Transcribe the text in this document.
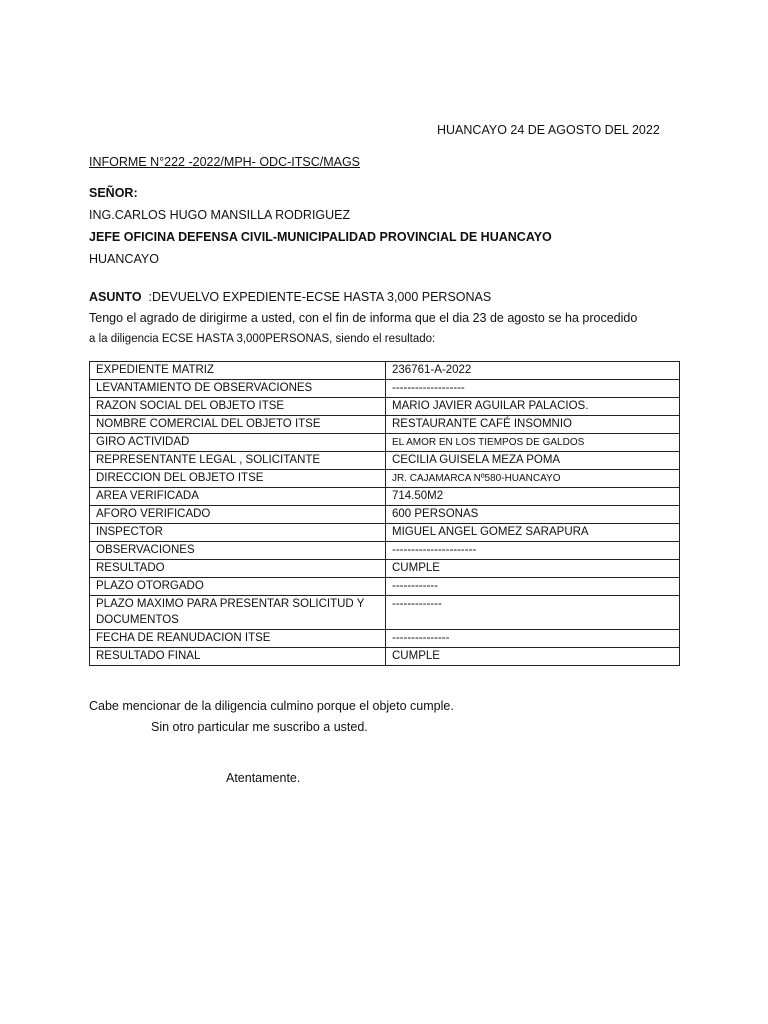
HUANCAYO 24 DE AGOSTO DEL 2022
INFORME N°222 -2022/MPH- ODC-ITSC/MAGS
SEÑOR:
ING.CARLOS HUGO MANSILLA RODRIGUEZ
JEFE OFICINA DEFENSA CIVIL-MUNICIPALIDAD PROVINCIAL DE HUANCAYO
HUANCAYO
ASUNTO :DEVUELVO EXPEDIENTE-ECSE HASTA 3,000 PERSONAS
Tengo el agrado de dirigirme a usted, con el fin de informa que el dia 23 de agosto se ha procedido
a la diligencia ECSE HASTA 3,000PERSONAS, siendo el resultado:
EXPEDIENTE MATRIZ	236761-A-2022
LEVANTAMIENTO DE OBSERVACIONES	-------------------
RAZON SOCIAL DEL OBJETO ITSE	MARIO JAVIER AGUILAR PALACIOS.
NOMBRE COMERCIAL DEL OBJETO ITSE	RESTAURANTE CAFÉ INSOMNIO
GIRO ACTIVIDAD	EL AMOR EN LOS TIEMPOS DE GALDOS
REPRESENTANTE LEGAL , SOLICITANTE	CECILIA GUISELA MEZA POMA
DIRECCION DEL OBJETO ITSE	JR. CAJAMARCA Nº580-HUANCAYO
AREA VERIFICADA	714.50M2
AFORO VERIFICADO	600 PERSONAS
INSPECTOR	MIGUEL ANGEL GOMEZ SARAPURA
OBSERVACIONES	----------------------
RESULTADO	CUMPLE
PLAZO OTORGADO	------------
PLAZO MAXIMO PARA PRESENTAR SOLICITUD Y DOCUMENTOS	-------------
FECHA DE REANUDACION ITSE	---------------
RESULTADO FINAL	CUMPLE
Cabe mencionar de la diligencia culmino porque el objeto cumple.
Sin otro particular me suscribo a usted.
Atentamente.
